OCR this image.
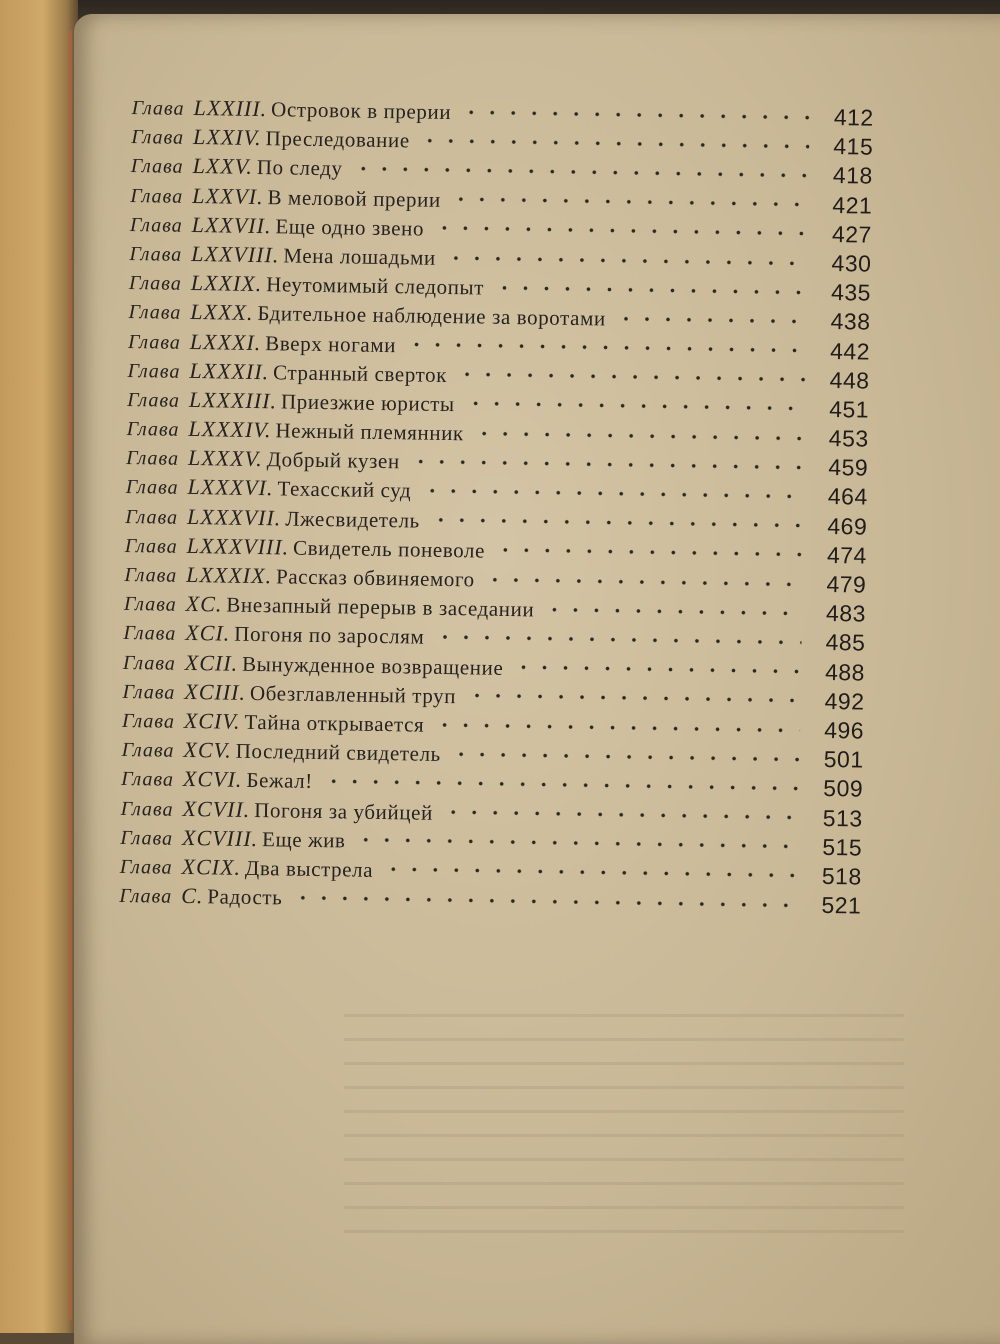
Глава LXXIII. Островок в прерии	412
Глава LXXIV. Преследование	415
Глава LXXV. По следу	418
Глава LXXVI. В меловой прерии	421
Глава LXXVII. Еще одно звено	427
Глава LXXVIII. Мена лошадьми	430
Глава LXXIX. Неутомимый следопыт	435
Глава LXXX. Бдительное наблюдение за воротами	438
Глава LXXXI. Вверх ногами	442
Глава LXXXII. Странный сверток	448
Глава LXXXIII. Приезжие юристы	451
Глава LXXXIV. Нежный племянник	453
Глава LXXXV. Добрый кузен	459
Глава LXXXVI. Техасский суд	464
Глава LXXXVII. Лжесвидетель	469
Глава LXXXVIII. Свидетель поневоле	474
Глава LXXXIX. Рассказ обвиняемого	479
Глава XC. Внезапный перерыв в заседании	483
Глава XCI. Погоня по зарослям	485
Глава XCII. Вынужденное возвращение	488
Глава XCIII. Обезглавленный труп	492
Глава XCIV. Тайна открывается	496
Глава XCV. Последний свидетель	501
Глава XCVI. Бежал!	509
Глава XCVII. Погоня за убийцей	513
Глава XCVIII. Еще жив	515
Глава XCIX. Два выстрела	518
Глава C. Радость	521
